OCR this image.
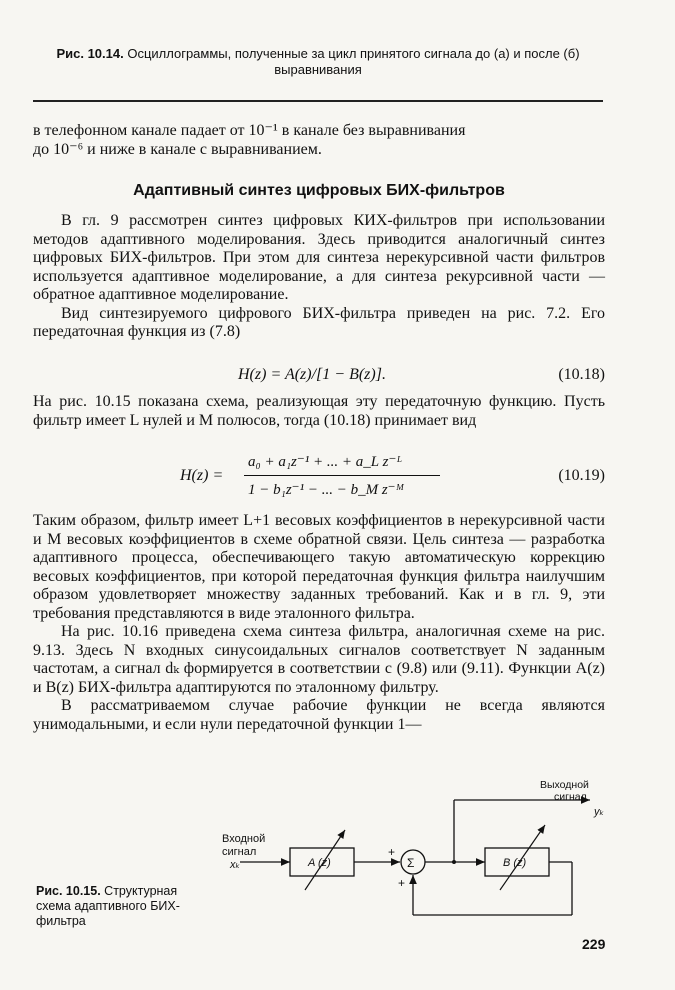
Рис. 10.14. Осциллограммы, полученные за цикл принятого сигнала до (a) и после (б) выравнивания

в телефонном канале падает от 10⁻¹ в канале без выравнивания

до 10⁻⁶ и ниже в канале с выравниванием.

Адаптивный синтез цифровых БИХ-фильтров

В гл. 9 рассмотрен синтез цифровых КИХ-фильтров при использовании методов адаптивного моделирования. Здесь приводится аналогичный синтез цифровых БИХ-фильтров. При этом для синтеза нерекурсивной части фильтров используется адаптивное моделирование, а для синтеза рекурсивной части — обратное адаптивное моделирование.

Вид синтезируемого цифрового БИХ-фильтра приведен на рис. 7.2. Его передаточная функция из (7.8)

H(z) = A(z)/[1 − B(z)].	(10.18)

На рис. 10.15 показана схема, реализующая эту передаточную функцию. Пусть фильтр имеет L нулей и M полюсов, тогда (10.18) принимает вид

H(z) =
a₀ + a₁z⁻¹ + ... + a_L z⁻ᴸ
1 − b₁z⁻¹ − ... − b_M z⁻ᴹ
(10.19)

Таким образом, фильтр имеет L+1 весовых коэффициентов в нерекурсивной части и M весовых коэффициентов в схеме обратной связи. Цель синтеза — разработка адаптивного процесса, обеспечивающего такую автоматическую коррекцию весовых коэффициентов, при которой передаточная функция фильтра наилучшим образом удовлетворяет множеству заданных требований. Как и в гл. 9, эти требования представляются в виде эталонного фильтра.

На рис. 10.16 приведена схема синтеза фильтра, аналогичная схеме на рис. 9.13. Здесь N входных синусоидальных сигналов соответствует N заданным частотам, а сигнал dₖ формируется в соответствии с (9.8) или (9.11). Функции A(z) и B(z) БИХ-фильтра адаптируются по эталонному фильтру.

В рассматриваемом случае рабочие функции не всегда являются унимодальными, и если нули передаточной функции 1—

Входной
сигнал
xₖ	A (z)
+
Σ
Выходной
сигнал
yₖ
B (z)
+
Рис. 10.15. Структурная схема адаптивного БИХ-фильтра
229
